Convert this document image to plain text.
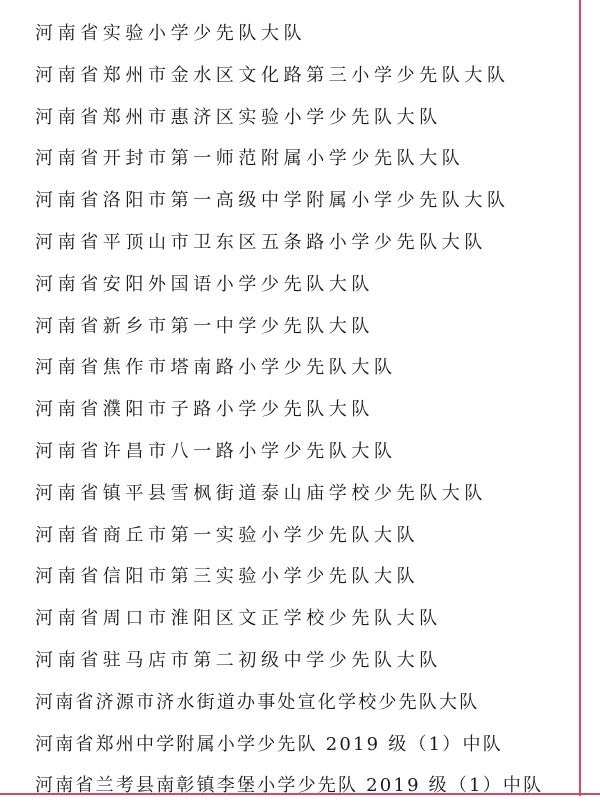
河南省实验小学少先队大队
河南省郑州市金水区文化路第三小学少先队大队
河南省郑州市惠济区实验小学少先队大队
河南省开封市第一师范附属小学少先队大队
河南省洛阳市第一高级中学附属小学少先队大队
河南省平顶山市卫东区五条路小学少先队大队
河南省安阳外国语小学少先队大队
河南省新乡市第一中学少先队大队
河南省焦作市塔南路小学少先队大队
河南省濮阳市子路小学少先队大队
河南省许昌市八一路小学少先队大队
河南省镇平县雪枫街道泰山庙学校少先队大队
河南省商丘市第一实验小学少先队大队
河南省信阳市第三实验小学少先队大队
河南省周口市淮阳区文正学校少先队大队
河南省驻马店市第二初级中学少先队大队
河南省济源市济水街道办事处宣化学校少先队大队
河南省郑州中学附属小学少先队 2019 级（1）中队
河南省兰考县南彰镇李堡小学少先队 2019 级（1）中队
